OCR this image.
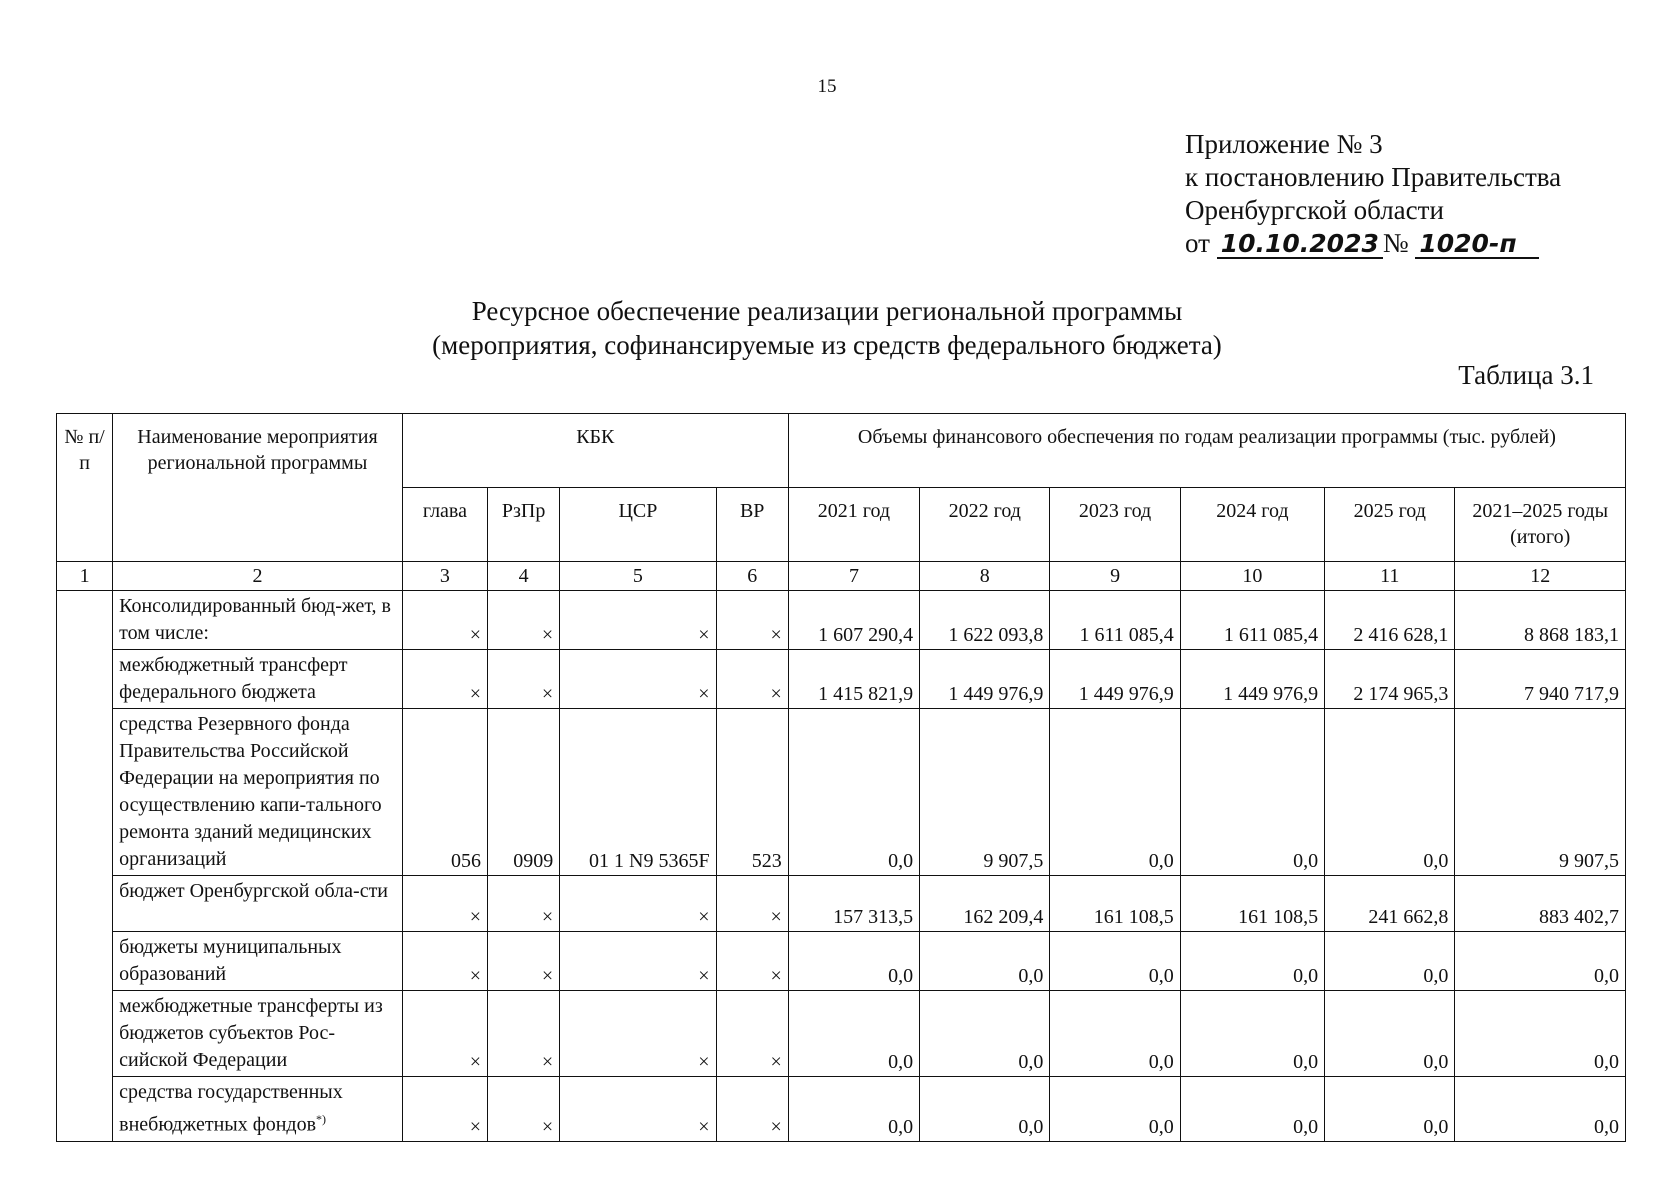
15
Приложение № 3
к постановлению Правительства
Оренбургской области
от 10.10.2023 № 1020-п
Ресурсное обеспечение реализации региональной программы
(мероприятия, софинансируемые из средств федерального бюджета)
Таблица 3.1
№ п/п	Наименование мероприятия региональной программы	КБК				Объемы финансового обеспечения по годам реализации программы (тыс. рублей)					
		глава	РзПр	ЦСР	ВР	2021 год	2022 год	2023 год	2024 год	2025 год	2021–2025 годы (итого)
1	2	3	4	5	6	7	8	9	10	11	12
	Консолидированный бюд-жет, в том числе:	×	×	×	×	1 607 290,4	1 622 093,8	1 611 085,4	1 611 085,4	2 416 628,1	8 868 183,1
	межбюджетный трансферт федерального бюджета	×	×	×	×	1 415 821,9	1 449 976,9	1 449 976,9	1 449 976,9	2 174 965,3	7 940 717,9
	средства Резервного фонда Правительства Российской Федерации на мероприятия по осуществлению капи-тального ремонта зданий медицинских организаций	056	0909	01 1 N9 5365F	523	0,0	9 907,5	0,0	0,0	0,0	9 907,5
	бюджет Оренбургской обла-сти	×	×	×	×	157 313,5	162 209,4	161 108,5	161 108,5	241 662,8	883 402,7
	бюджеты муниципальных образований	×	×	×	×	0,0	0,0	0,0	0,0	0,0	0,0
	межбюджетные трансферты из бюджетов субъектов Рос-сийской Федерации	×	×	×	×	0,0	0,0	0,0	0,0	0,0	0,0
	средства государственных внебюджетных фондов*)	×	×	×	×	0,0	0,0	0,0	0,0	0,0	0,0
